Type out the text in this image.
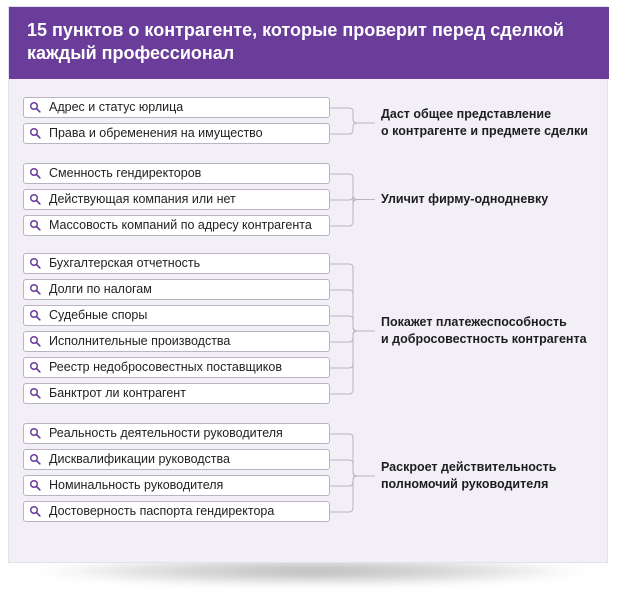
15 пунктов о контрагенте, которые проверит перед сделкой
каждый профессионал
Адрес и статус юрлица
Права и обременения на имущество
Сменность гендиректоров
Действующая компания или нет
Массовость компаний по адресу контрагента
Бухгалтерская отчетность
Долги по налогам
Судебные споры
Исполнительные производства
Реестр недобросовестных поставщиков
Банктрот ли контрагент
Реальность деятельности руководителя
Дисквалификации руководства
Номинальность руководителя
Достоверность паспорта гендиректора
Даст общее представление
о контрагенте и предмете сделки
Уличит фирму-однодневку
Покажет платежеспособность
и добросовестность контрагента
Раскроет действительность
полномочий руководителя
